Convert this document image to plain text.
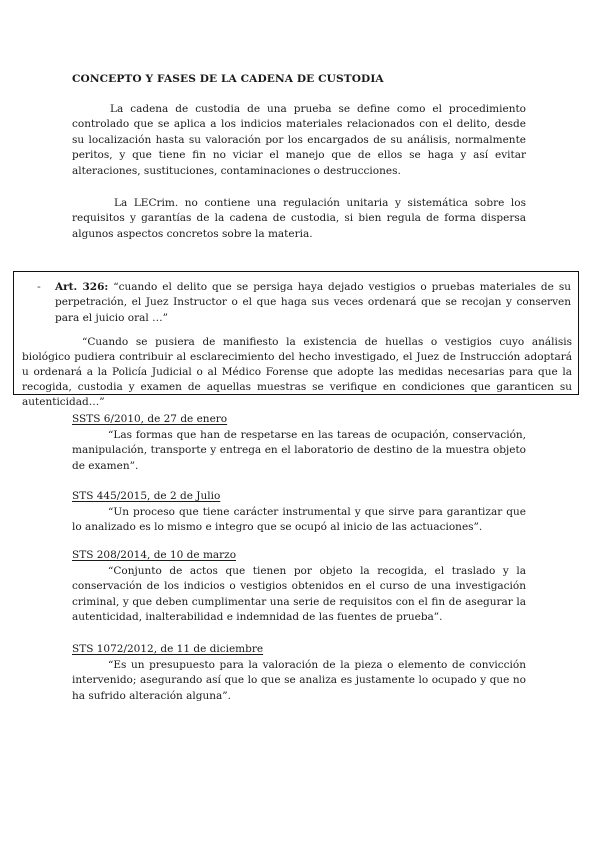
CONCEPTO Y FASES DE LA CADENA DE CUSTODIA

La cadena de custodia de una prueba se define como el procedimiento controlado que se aplica a los indicios materiales relacionados con el delito, desde su localización hasta su valoración por los encargados de su análisis, normalmente peritos, y que tiene fin no viciar el manejo que de ellos se haga y así evitar alteraciones, sustituciones, contaminaciones o destrucciones.

La LECrim. no contiene una regulación unitaria y sistemática sobre los requisitos y garantías de la cadena de custodia, si bien regula de forma dispersa algunos aspectos concretos sobre la materia.

- Art. 326: “cuando el delito que se persiga haya dejado vestigios o pruebas materiales de su perpetración, el Juez Instructor o el que haga sus veces ordenará que se recojan y conserven para el juicio oral …”

“Cuando se pusiera de manifiesto la existencia de huellas o vestigios cuyo análisis biológico pudiera contribuir al esclarecimiento del hecho investigado, el Juez de Instrucción adoptará u ordenará a la Policía Judicial o al Médico Forense que adopte las medidas necesarias para que la recogida, custodia y examen de aquellas muestras se verifique en condiciones que garanticen su autenticidad…”

SSTS 6/2010, de 27 de enero

“Las formas que han de respetarse en las tareas de ocupación, conservación, manipulación, transporte y entrega en el laboratorio de destino de la muestra objeto de examen”.

STS 445/2015, de 2 de Julio

“Un proceso que tiene carácter instrumental y que sirve para garantizar que lo analizado es lo mismo e integro que se ocupó al inicio de las actuaciones”.

STS 208/2014, de 10 de marzo

“Conjunto de actos que tienen por objeto la recogida, el traslado y la conservación de los indicios o vestigios obtenidos en el curso de una investigación criminal, y que deben cumplimentar una serie de requisitos con el fin de asegurar la autenticidad, inalterabilidad e indemnidad de las fuentes de prueba”.

STS 1072/2012, de 11 de diciembre

“Es un presupuesto para la valoración de la pieza o elemento de convicción intervenido; asegurando así que lo que se analiza es justamente lo ocupado y que no ha sufrido alteración alguna”.
